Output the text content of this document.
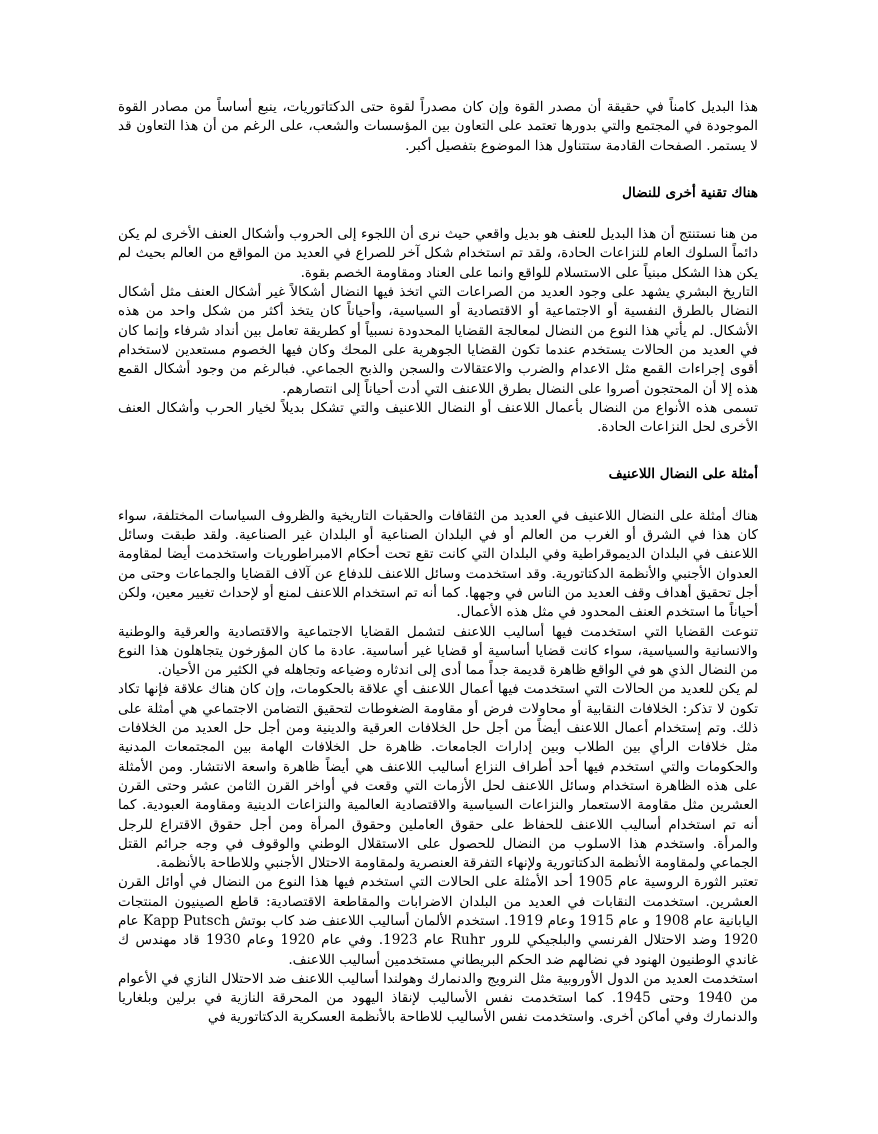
هذا البديل كامناً في حقيقة أن مصدر القوة وإن كان مصدراً لقوة حتى الدكتاتوريات، ينبع أساساً من مصادر القوة الموجودة في المجتمع والتي بدورها تعتمد على التعاون بين المؤسسات والشعب، على الرغم من أن هذا التعاون قد لا يستمر. الصفحات القادمة ستتناول هذا الموضوع بتفصيل أكبر.

هناك تقنية أخرى للنضال

من هنا نستنتج أن هذا البديل للعنف هو بديل واقعي حيث نرى أن اللجوء إلى الحروب وأشكال العنف الأخرى لم يكن دائماً السلوك العام للنزاعات الحادة، ولقد تم استخدام شكل آخر للصراع في العديد من المواقع من العالم بحيث لم يكن هذا الشكل مبنياً على الاستسلام للواقع وانما على العناد ومقاومة الخصم بقوة.

التاريخ البشري يشهد على وجود العديد من الصراعات التي اتخذ فيها النضال أشكالاً غير أشكال العنف مثل أشكال النضال بالطرق النفسية أو الاجتماعية أو الاقتصادية أو السياسية، وأحياناً كان يتخذ أكثر من شكل واحد من هذه الأشكال. لم يأتي هذا النوع من النضال لمعالجة القضايا المحدودة نسبياً أو كطريقة تعامل بين أنداد شرفاء وإنما كان في العديد من الحالات يستخدم عندما تكون القضايا الجوهرية على المحك وكان فيها الخصوم مستعدين لاستخدام أقوى إجراءات القمع مثل الاعدام والضرب والاعتقالات والسجن والذبح الجماعي. فبالرغم من وجود أشكال القمع هذه إلا أن المحتجون أصروا على النضال بطرق اللاعنف التي أدت أحياناً إلى انتصارهم.

تسمى هذه الأنواع من النضال بأعمال اللاعنف أو النضال اللاعنيف والتي تشكل بديلاً لخيار الحرب وأشكال العنف الأخرى لحل النزاعات الحادة.

أمثلة على النضال اللاعنيف

هناك أمثلة على النضال اللاعنيف في العديد من الثقافات والحقبات التاريخية والظروف السياسات المختلفة، سواء كان هذا في الشرق أو الغرب من العالم أو في البلدان الصناعية أو البلدان غير الصناعية. ولقد طبقت وسائل اللاعنف في البلدان الديموقراطية وفي البلدان التي كانت تقع تحت أحكام الامبراطوريات واستخدمت أيضا لمقاومة العدوان الأجنبي والأنظمة الدكتاتورية. وقد استخدمت وسائل اللاعنف للدفاع عن آلاف القضايا والجماعات وحتى من أجل تحقيق أهداف وقف العديد من الناس في وجهها. كما أنه تم استخدام اللاعنف لمنع أو لإحداث تغيير معين، ولكن أحياناً ما استخدم العنف المحدود في مثل هذه الأعمال.

تنوعت القضايا التي استخدمت فيها أساليب اللاعنف لتشمل القضايا الاجتماعية والاقتصادية والعرقية والوطنية والانسانية والسياسية، سواء كانت قضايا أساسية أو قضايا غير أساسية. عادة ما كان المؤرخون يتجاهلون هذا النوع من النضال الذي هو في الواقع ظاهرة قديمة جداً مما أدى إلى اندثاره وضياعه وتجاهله في الكثير من الأحيان.

لم يكن للعديد من الحالات التي استخدمت فيها أعمال اللاعنف أي علاقة بالحكومات، وإن كان هناك علاقة فإنها تكاد تكون لا تذكر: الخلافات النقابية أو محاولات فرض أو مقاومة الضغوطات لتحقيق التضامن الاجتماعي هي أمثلة على ذلك. وتم إستخدام أعمال اللاعنف أيضاً من أجل حل الخلافات العرقية والدينية ومن أجل حل العديد من الخلافات مثل خلافات الرأي بين الطلاب وبين إدارات الجامعات. ظاهرة حل الخلافات الهامة بين المجتمعات المدنية والحكومات والتي استخدم فيها أحد أطراف النزاع أساليب اللاعنف هي أيضاً ظاهرة واسعة الانتشار. ومن الأمثلة على هذه الظاهرة استخدام وسائل اللاعنف لحل الأزمات التي وقعت في أواخر القرن الثامن عشر وحتى القرن العشرين مثل مقاومة الاستعمار والنزاعات السياسية والاقتصادية العالمية والنزاعات الدينية ومقاومة العبودية. كما أنه تم استخدام أساليب اللاعنف للحفاظ على حقوق العاملين وحقوق المرأة ومن أجل حقوق الاقتراع للرجل والمرأة. واستخدم هذا الاسلوب من النضال للحصول على الاستقلال الوطني والوقوف في وجه جرائم القتل الجماعي ولمقاومة الأنظمة الدكتاتورية ولإنهاء التفرقة العنصرية ولمقاومة الاحتلال الأجنبي وللاطاحة بالأنظمة.

تعتبر الثورة الروسية عام 1905 أحد الأمثلة على الحالات التي استخدم فيها هذا النوع من النضال في أوائل القرن العشرين. استخدمت النقابات في العديد من البلدان الاضرابات والمقاطعة الاقتصادية: قاطع الصينيون المنتجات اليابانية عام 1908 و عام 1915 وعام 1919. استخدم الألمان أساليب اللاعنف ضد كاب بوتش Kapp Putsch عام 1920 وضد الاحتلال الفرنسي والبلجيكي للرور Ruhr عام 1923. وفي عام 1920 وعام 1930 قاد مهندس ك غاندي الوطنيون الهنود في نضالهم ضد الحكم البريطاني مستخدمين أساليب اللاعنف.

استخدمت العديد من الدول الأوروبية مثل النرويج والدنمارك وهولندا أساليب اللاعنف ضد الاحتلال النازي في الأعوام من 1940 وحتى 1945. كما استخدمت نفس الأساليب لإنقاذ اليهود من المحرقة النازية في برلين وبلغاريا والدنمارك وفي أماكن أخرى. واستخدمت نفس الأساليب للاطاحة بالأنظمة العسكرية الدكتاتورية في
